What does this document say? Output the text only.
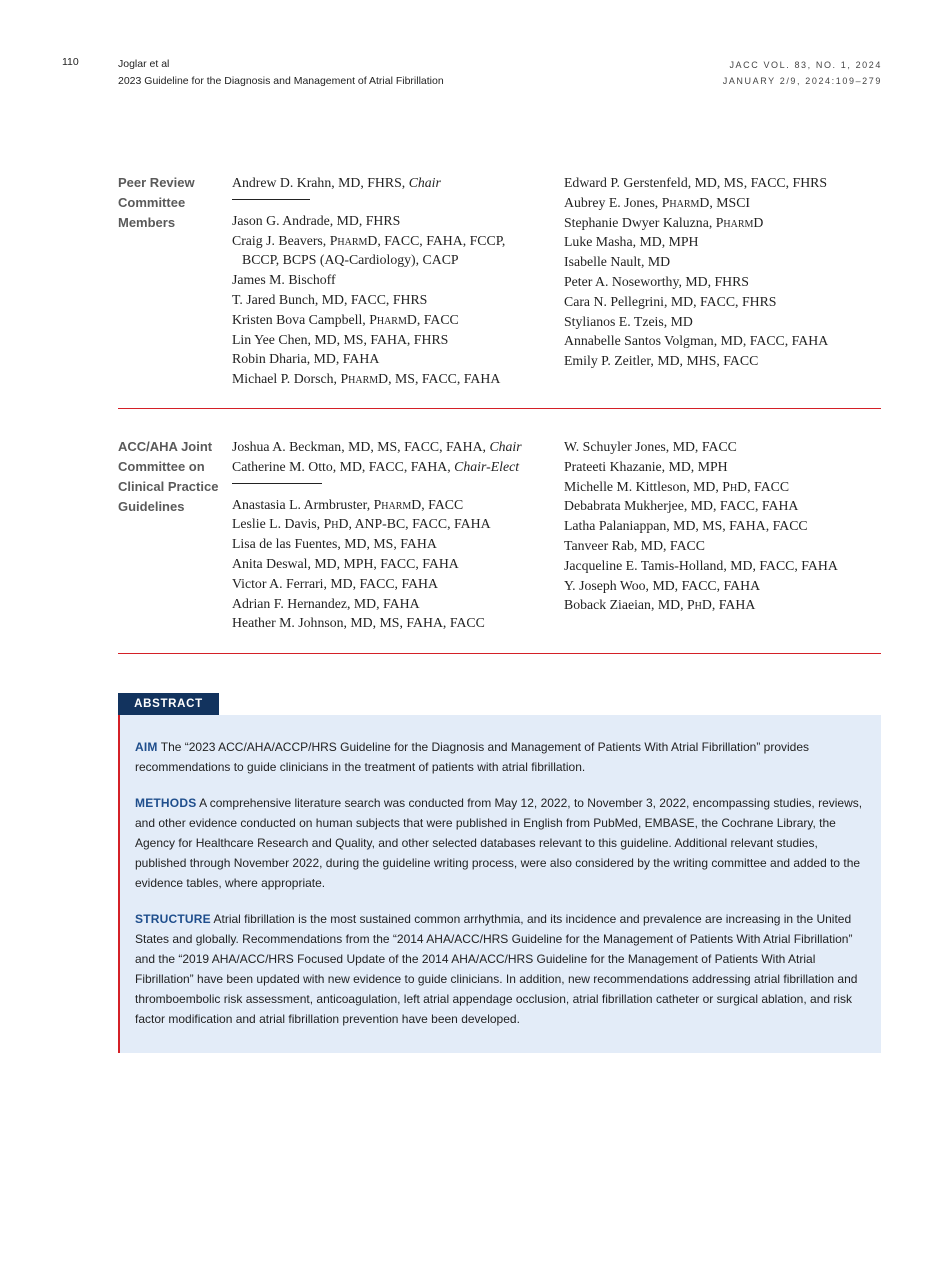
110	Joglar et al
2023 Guideline for the Diagnosis and Management of Atrial Fibrillation
JACC VOL. 83, NO. 1, 2024
JANUARY 2/9, 2024:109–279
Peer Review Committee Members
Andrew D. Krahn, MD, FHRS, Chair
Jason G. Andrade, MD, FHRS
Craig J. Beavers, PharmD, FACC, FAHA, FCCP,
BCCP, BCPS (AQ-Cardiology), CACP
James M. Bischoff
T. Jared Bunch, MD, FACC, FHRS
Kristen Bova Campbell, PharmD, FACC
Lin Yee Chen, MD, MS, FAHA, FHRS
Robin Dharia, MD, FAHA
Michael P. Dorsch, PharmD, MS, FACC, FAHA
Edward P. Gerstenfeld, MD, MS, FACC, FHRS
Aubrey E. Jones, PharmD, MSCI
Stephanie Dwyer Kaluzna, PharmD
Luke Masha, MD, MPH
Isabelle Nault, MD
Peter A. Noseworthy, MD, FHRS
Cara N. Pellegrini, MD, FACC, FHRS
Stylianos E. Tzeis, MD
Annabelle Santos Volgman, MD, FACC, FAHA
Emily P. Zeitler, MD, MHS, FACC
ACC/AHA Joint Committee on Clinical Practice Guidelines
Joshua A. Beckman, MD, MS, FACC, FAHA, Chair
Catherine M. Otto, MD, FACC, FAHA, Chair-Elect
Anastasia L. Armbruster, PharmD, FACC
Leslie L. Davis, PhD, ANP-BC, FACC, FAHA
Lisa de las Fuentes, MD, MS, FAHA
Anita Deswal, MD, MPH, FACC, FAHA
Victor A. Ferrari, MD, FACC, FAHA
Adrian F. Hernandez, MD, FAHA
Heather M. Johnson, MD, MS, FAHA, FACC
W. Schuyler Jones, MD, FACC
Prateeti Khazanie, MD, MPH
Michelle M. Kittleson, MD, PhD, FACC
Debabrata Mukherjee, MD, FACC, FAHA
Latha Palaniappan, MD, MS, FAHA, FACC
Tanveer Rab, MD, FACC
Jacqueline E. Tamis-Holland, MD, FACC, FAHA
Y. Joseph Woo, MD, FACC, FAHA
Boback Ziaeian, MD, PhD, FAHA
ABSTRACT
AIM The “2023 ACC/AHA/ACCP/HRS Guideline for the Diagnosis and Management of Patients With Atrial Fibrillation” provides recommendations to guide clinicians in the treatment of patients with atrial fibrillation.
METHODS A comprehensive literature search was conducted from May 12, 2022, to November 3, 2022, encompassing studies, reviews, and other evidence conducted on human subjects that were published in English from PubMed, EMBASE, the Cochrane Library, the Agency for Healthcare Research and Quality, and other selected databases relevant to this guideline. Additional relevant studies, published through November 2022, during the guideline writing process, were also considered by the writing committee and added to the evidence tables, where appropriate.
STRUCTURE Atrial fibrillation is the most sustained common arrhythmia, and its incidence and prevalence are increasing in the United States and globally. Recommendations from the “2014 AHA/ACC/HRS Guideline for the Management of Patients With Atrial Fibrillation” and the “2019 AHA/ACC/HRS Focused Update of the 2014 AHA/ACC/HRS Guideline for the Management of Patients With Atrial Fibrillation” have been updated with new evidence to guide clinicians. In addition, new recommendations addressing atrial fibrillation and thromboembolic risk assessment, anticoagulation, left atrial appendage occlusion, atrial fibrillation catheter or surgical ablation, and risk factor modification and atrial fibrillation prevention have been developed.
